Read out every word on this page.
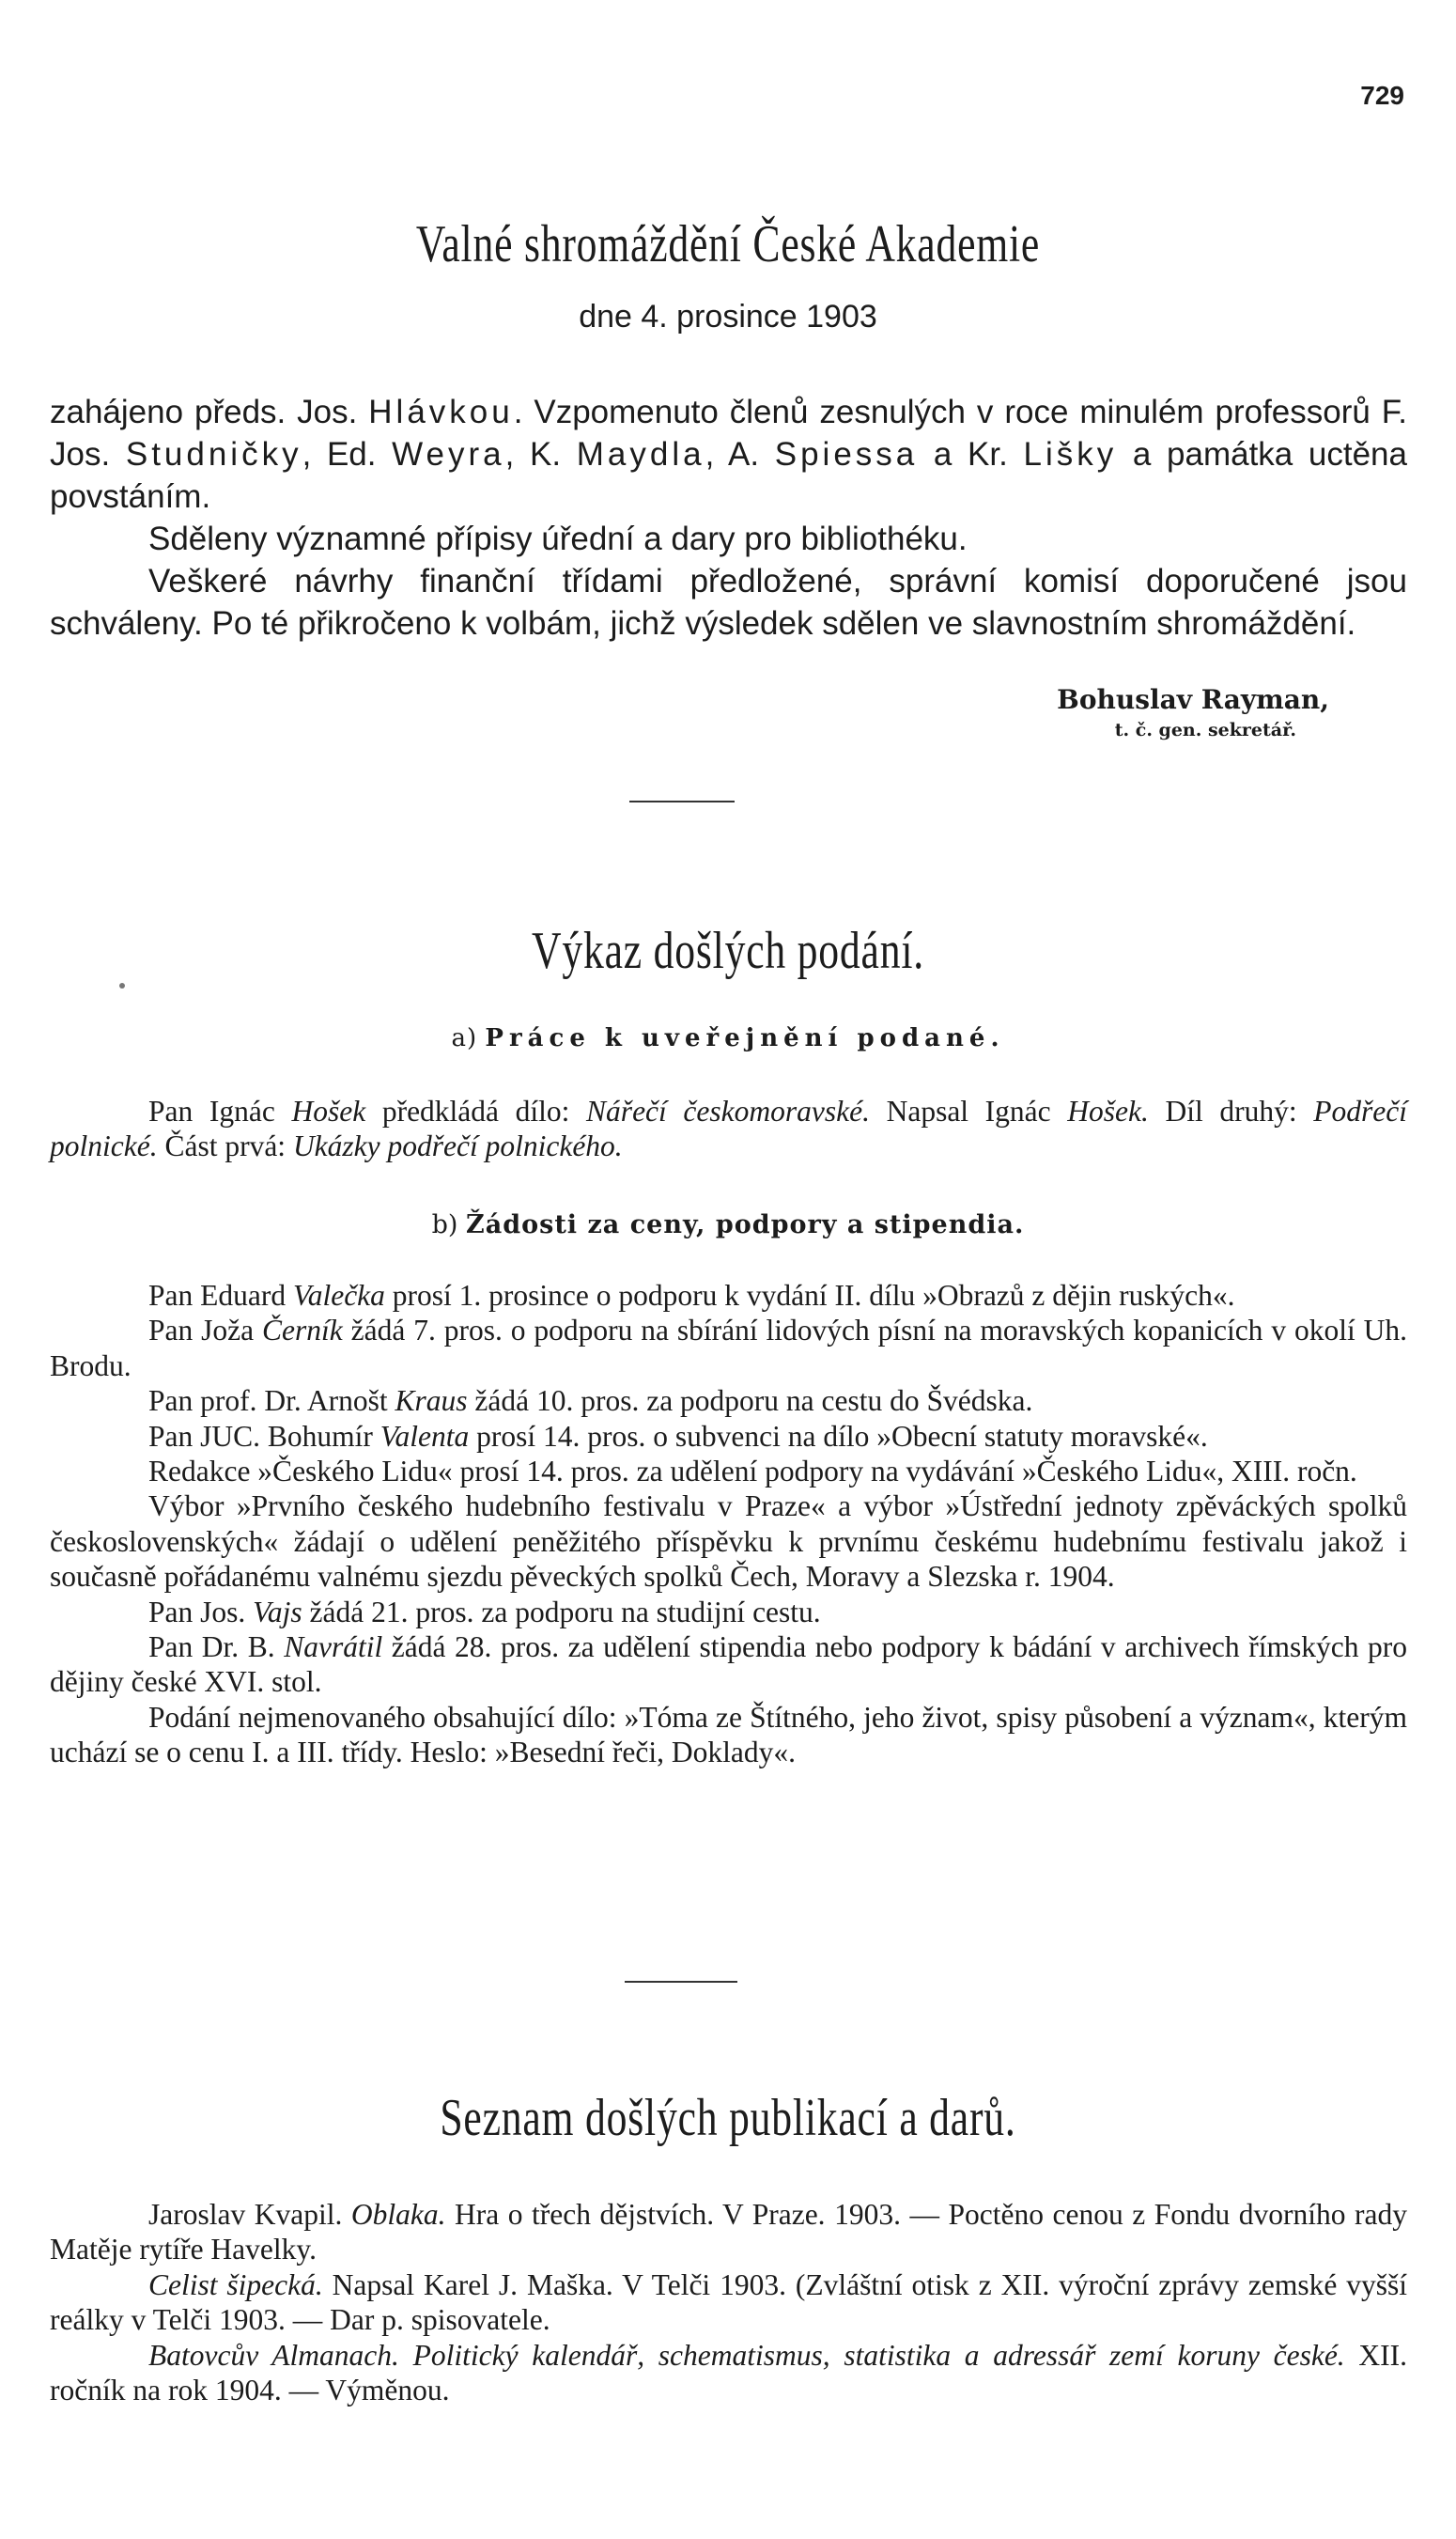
729
Valné shromáždění České Akademie
dne 4. prosince 1903

zahájeno předs. Jos. Hlávkou. Vzpomenuto členů zesnulých v roce minulém professorů F. Jos. Studničky, Ed. Weyra, K. Maydla, A. Spiessa a Kr. Lišky a památka uctěna povstáním.

Sděleny významné přípisy úřední a dary pro bibliothéku.

Veškeré návrhy finanční třídami předložené, správní komisí doporučené jsou schváleny. Po té přikročeno k volbám, jichž výsledek sdělen ve slavnostním shromáždění.

Bohuslav Rayman,
t. č. gen. sekretář.
Výkaz došlých podání.
a) Práce k uveřejnění podané.

Pan Ignác Hošek předkládá dílo: Nářečí českomoravské. Napsal Ignác Hošek. Díl druhý: Podřečí polnické. Část prvá: Ukázky podřečí polnického.

b) Žádosti za ceny, podpory a stipendia.

Pan Eduard Valečka prosí 1. prosince o podporu k vydání II. dílu »Obrazů z dějin ruských«.

Pan Joža Černík žádá 7. pros. o podporu na sbírání lidových písní na moravských kopanicích v okolí Uh. Brodu.

Pan prof. Dr. Arnošt Kraus žádá 10. pros. za podporu na cestu do Švédska.

Pan JUC. Bohumír Valenta prosí 14. pros. o subvenci na dílo »Obecní statuty moravské«.

Redakce »Českého Lidu« prosí 14. pros. za udělení podpory na vydávání »Českého Lidu«, XIII. ročn.

Výbor »Prvního českého hudebního festivalu v Praze« a výbor »Ústřední jednoty zpěváckých spolků československých« žádají o udělení peněžitého příspěvku k prvnímu českému hudebnímu festivalu jakož i současně pořádanému valnému sjezdu pěveckých spolků Čech, Moravy a Slezska r. 1904.

Pan Jos. Vajs žádá 21. pros. za podporu na studijní cestu.

Pan Dr. B. Navrátil žádá 28. pros. za udělení stipendia nebo podpory k bádání v archivech římských pro dějiny české XVI. stol.

Podání nejmenovaného obsahující dílo: »Tóma ze Štítného, jeho život, spisy působení a význam«, kterým uchází se o cenu I. a III. třídy. Heslo: »Besední řeči, Doklady«.

Seznam došlých publikací a darů.

Jaroslav Kvapil. Oblaka. Hra o třech dějstvích. V Praze. 1903. — Poctěno cenou z Fondu dvorního rady Matěje rytíře Havelky.

Celist šipecká. Napsal Karel J. Maška. V Telči 1903. (Zvláštní otisk z XII. výroční zprávy zemské vyšší reálky v Telči 1903. — Dar p. spisovatele.

Batovcův Almanach. Politický kalendář, schematismus, statistika a adressář zemí koruny české. XII. ročník na rok 1904. — Výměnou.
